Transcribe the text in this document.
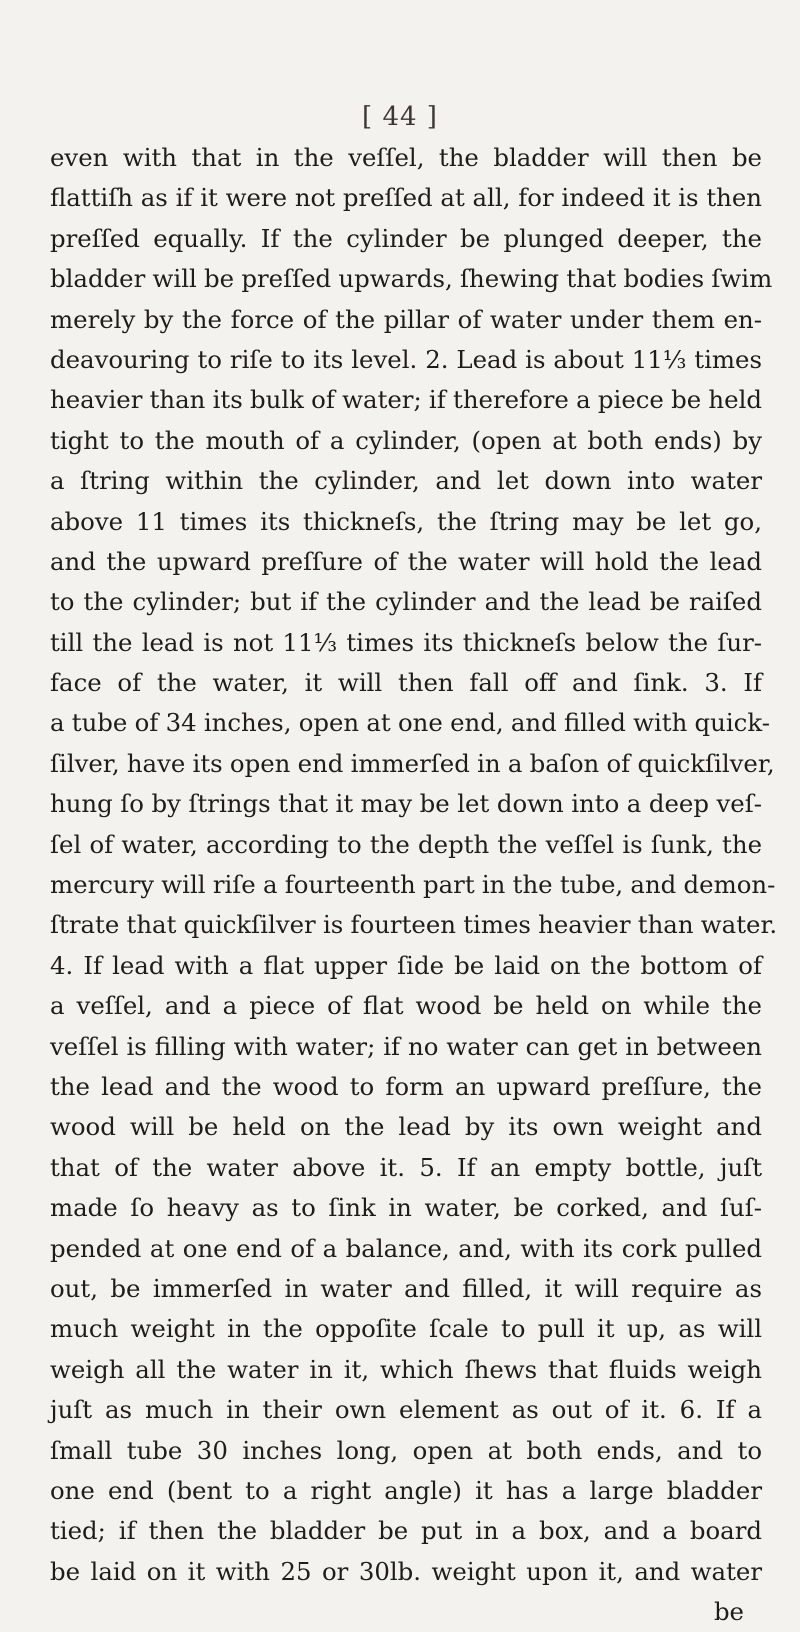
[ 44 ]
even with that in the veſſel, the bladder will then be
flattiſh as if it were not preſſed at all, for indeed it is then
preſſed equally. If the cylinder be plunged deeper, the
bladder will be preſſed upwards, ſhewing that bodies ſwim
merely by the force of the pillar of water under them en-
deavouring to riſe to its level. 2. Lead is about 11⅓ times
heavier than its bulk of water; if therefore a piece be held
tight to the mouth of a cylinder, (open at both ends) by
a ſtring within the cylinder, and let down into water
above 11 times its thickneſs, the ſtring may be let go,
and the upward preſſure of the water will hold the lead
to the cylinder; but if the cylinder and the lead be raiſed
till the lead is not 11⅓ times its thickneſs below the ſur-
face of the water, it will then fall off and ſink. 3. If
a tube of 34 inches, open at one end, and filled with quick-
ſilver, have its open end immerſed in a baſon of quickſilver,
hung ſo by ſtrings that it may be let down into a deep veſ-
ſel of water, according to the depth the veſſel is ſunk, the
mercury will riſe a fourteenth part in the tube, and demon-
ſtrate that quickſilver is fourteen times heavier than water.
4. If lead with a flat upper ſide be laid on the bottom of
a veſſel, and a piece of flat wood be held on while the
veſſel is filling with water; if no water can get in between
the lead and the wood to form an upward preſſure, the
wood will be held on the lead by its own weight and
that of the water above it. 5. If an empty bottle, juſt
made ſo heavy as to ſink in water, be corked, and ſuſ-
pended at one end of a balance, and, with its cork pulled
out, be immerſed in water and filled, it will require as
much weight in the oppoſite ſcale to pull it up, as will
weigh all the water in it, which ſhews that fluids weigh
juſt as much in their own element as out of it. 6. If a
ſmall tube 30 inches long, open at both ends, and to
one end (bent to a right angle) it has a large bladder
tied; if then the bladder be put in a box, and a board
be laid on it with 25 or 30lb. weight upon it, and water
be
